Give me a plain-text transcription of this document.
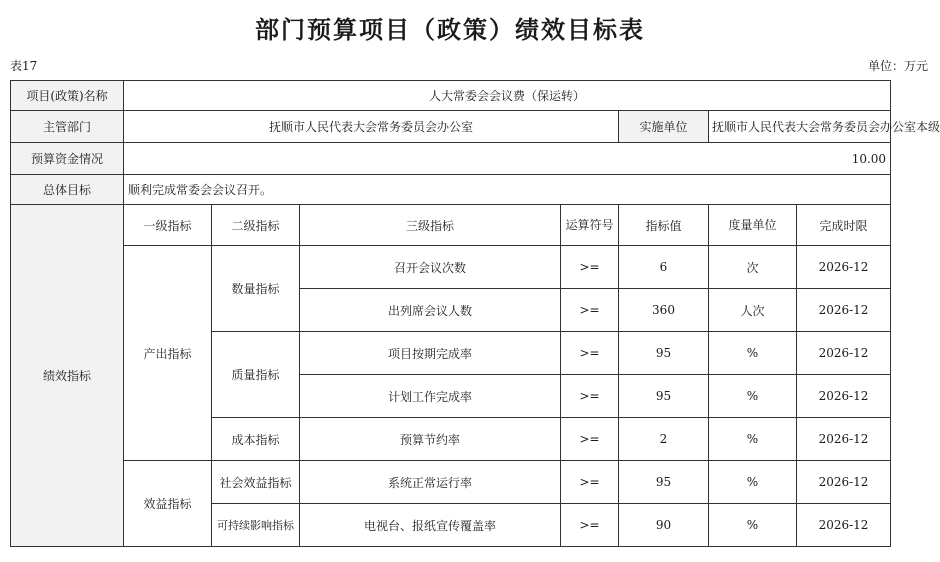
部门预算项目（政策）绩效目标表
表17	单位：万元
项目(政策)名称	人大常委会会议费（保运转）						
主管部门	抚顺市人民代表大会常务委员会办公室				实施单位	抚顺市人民代表大会常务委员会办公室本级	
预算资金情况	10.00						
总体目标	顺利完成常委会会议召开。						
绩效指标	一级指标	二级指标	三级指标	运算符号	指标值	度量单位	完成时限
	产出指标	数量指标	召开会议次数	>=	6	次	2026-12
			出列席会议人数	>=	360	人次	2026-12
		质量指标	项目按期完成率	>=	95	%	2026-12
			计划工作完成率	>=	95	%	2026-12
		成本指标	预算节约率	>=	2	%	2026-12
	效益指标	社会效益指标	系统正常运行率	>=	95	%	2026-12
		可持续影响指标	电视台、报纸宣传覆盖率	>=	90	%	2026-12
